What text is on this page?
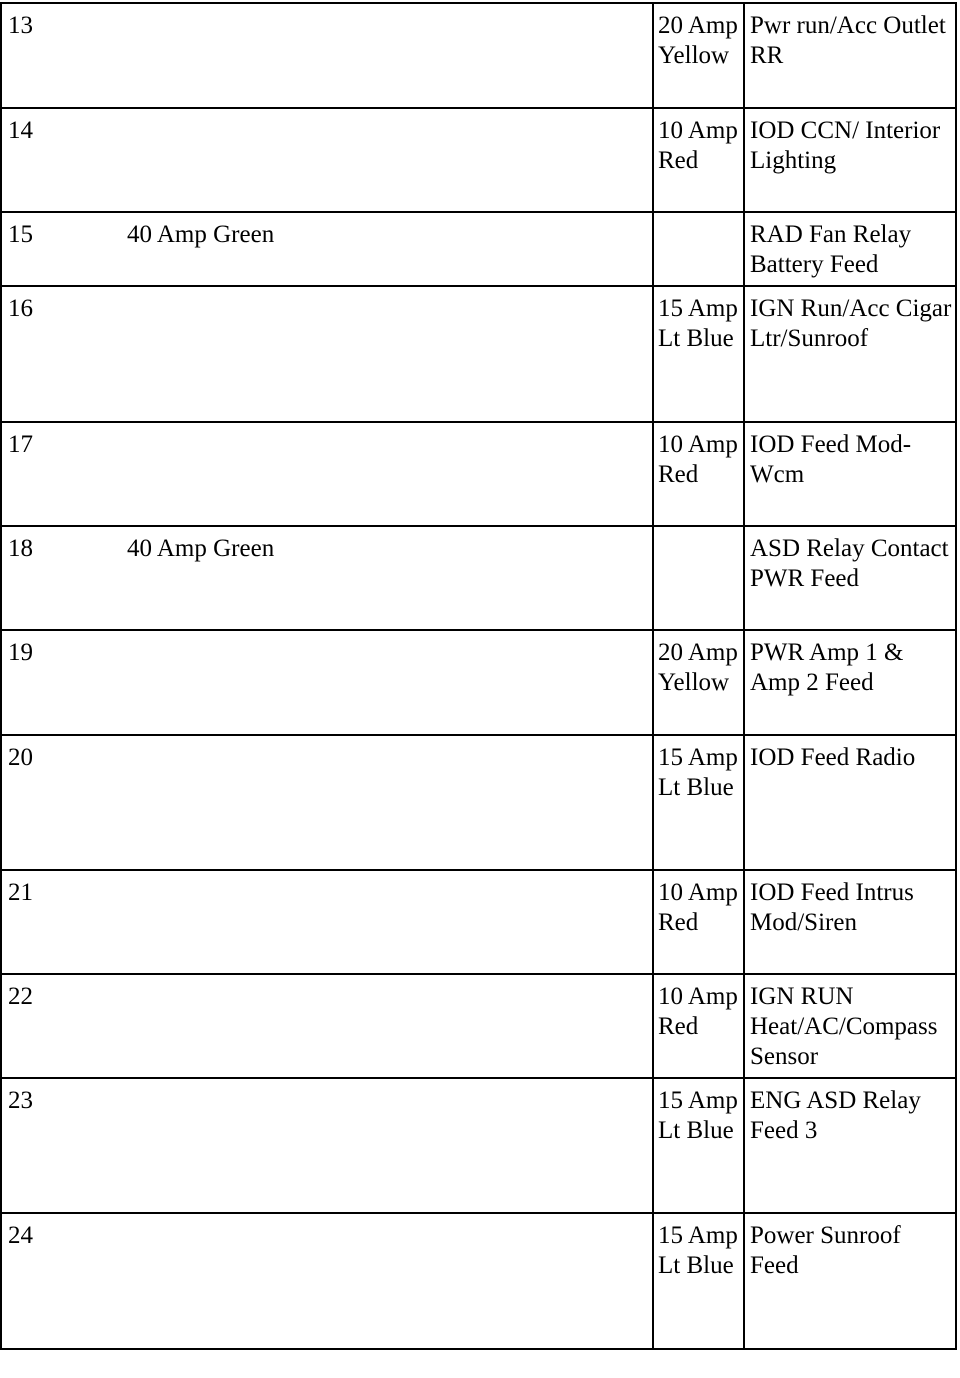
13		20 Amp Yellow	Pwr run/Acc Outlet RR
14		10 Amp Red	IOD CCN/ Interior Lighting
15	40 Amp Green		RAD Fan Relay Battery Feed
16		15 Amp Lt Blue	IGN Run/Acc Cigar Ltr/Sunroof
17		10 Amp Red	IOD Feed Mod-Wcm
18	40 Amp Green		ASD Relay Contact PWR Feed
19		20 Amp Yellow	PWR Amp 1 & Amp 2 Feed
20		15 Amp Lt Blue	IOD Feed Radio
21		10 Amp Red	IOD Feed Intrus Mod/Siren
22		10 Amp Red	IGN RUN Heat/AC/Compass Sensor
23		15 Amp Lt Blue	ENG ASD Relay Feed 3
24		15 Amp Lt Blue	Power Sunroof Feed
